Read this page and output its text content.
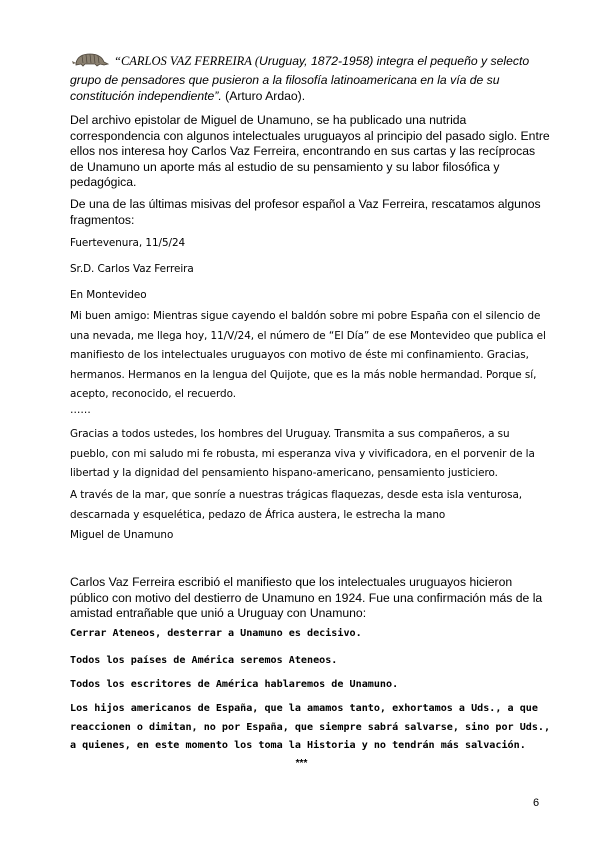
“CARLOS VAZ FERREIRA (Uruguay, 1872-1958) integra el pequeño y selecto grupo de pensadores que pusieron a la filosofía latinoamericana en la vía de su constitución independiente”. (Arturo Ardao).
Del archivo epistolar de Miguel de Unamuno, se ha publicado una nutrida correspondencia con algunos intelectuales uruguayos al principio del pasado siglo. Entre ellos nos interesa hoy Carlos Vaz Ferreira, encontrando en sus cartas y las recíprocas de Unamuno un aporte más al estudio de su pensamiento y su labor filosófica y pedagógica.
De una de las últimas misivas del profesor español a Vaz Ferreira, rescatamos algunos fragmentos:
Fuertevenura, 11/5/24
Sr.D. Carlos Vaz Ferreira
En Montevideo
Mi buen amigo: Mientras sigue cayendo el baldón sobre mi pobre España con el silencio de una nevada, me llega hoy, 11/V/24, el número de “El Día” de ese Montevideo que publica el manifiesto de los intelectuales uruguayos con motivo de éste mi confinamiento. Gracias, hermanos. Hermanos en la lengua del Quijote, que es la más noble hermandad. Porque sí, acepto, reconocido, el recuerdo.
……
Gracias a todos ustedes, los hombres del Uruguay. Transmita a sus compañeros, a su pueblo, con mi saludo mi fe robusta, mi esperanza viva y vivificadora, en el porvenir de la libertad y la dignidad del pensamiento hispano-americano, pensamiento justiciero.
A través de la mar, que sonríe a nuestras trágicas flaquezas, desde esta isla venturosa, descarnada y esquelética, pedazo de África austera, le estrecha la mano
Miguel de Unamuno
Carlos Vaz Ferreira escribió el manifiesto que los intelectuales uruguayos hicieron público con motivo del destierro de Unamuno en 1924. Fue una confirmación más de la amistad entrañable que unió a Uruguay con Unamuno:
Cerrar Ateneos, desterrar a Unamuno es decisivo.
Todos los países de América seremos Ateneos.
Todos los escritores de América hablaremos de Unamuno.
Los hijos americanos de España, que la amamos tanto, exhortamos a Uds., a que reaccionen o dimitan, no por España, que siempre sabrá salvarse, sino por Uds., a quienes, en este momento los toma la Historia y no tendrán más salvación.
***
6
